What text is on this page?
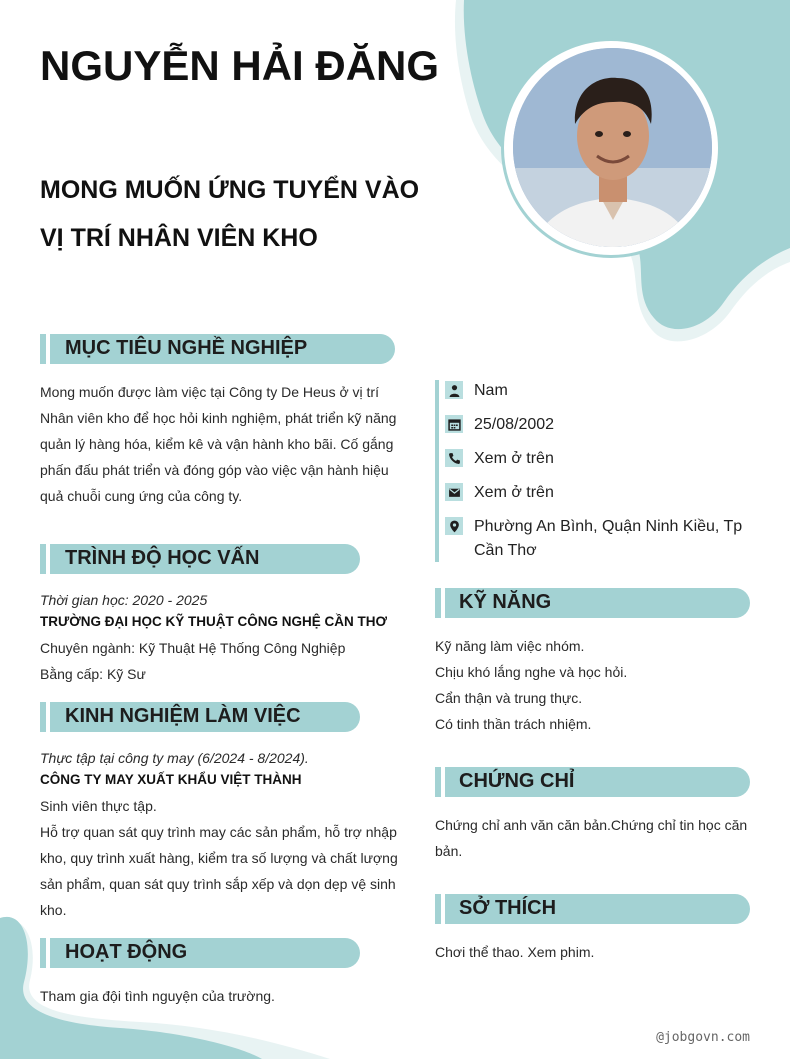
NGUYỄN HẢI ĐĂNG
MONG MUỐN ỨNG TUYỂN VÀO VỊ TRÍ NHÂN VIÊN KHO
MỤC TIÊU NGHỀ NGHIỆP
Mong muốn được làm việc tại Công ty De Heus ở vị trí Nhân viên kho để học hỏi kinh nghiệm, phát triển kỹ năng quản lý hàng hóa, kiểm kê và vận hành kho bãi. Cố gắng phấn đấu phát triển và đóng góp vào việc vận hành hiệu quả chuỗi cung ứng của công ty.
TRÌNH ĐỘ HỌC VẤN
Thời gian học: 2020 - 2025
TRƯỜNG ĐẠI HỌC KỸ THUẬT CÔNG NGHỆ CẦN THƠ
Chuyên ngành: Kỹ Thuật Hệ Thống Công Nghiệp
Bằng cấp: Kỹ Sư
KINH NGHIỆM LÀM VIỆC
Thực tập tại công ty may (6/2024 - 8/2024).
CÔNG TY MAY XUẤT KHẨU VIỆT THÀNH
Sinh viên thực tập.
Hỗ trợ quan sát quy trình may các sản phẩm, hỗ trợ nhập kho, quy trình xuất hàng, kiểm tra số lượng và chất lượng sản phẩm, quan sát quy trình sắp xếp và dọn dẹp vệ sinh kho.
HOẠT ĐỘNG
Tham gia đội tình nguyện của trường.
Nam
25/08/2002
Xem ở trên
Xem ở trên
Phường An Bình, Quận Ninh Kiều, Tp Cần Thơ
KỸ NĂNG
Kỹ năng làm việc nhóm.
Chịu khó lắng nghe và học hỏi.
Cẩn thận và trung thực.
Có tinh thần trách nhiệm.
CHỨNG CHỈ
Chứng chỉ anh văn căn bản.Chứng chỉ tin học căn bản.
SỞ THÍCH
Chơi thể thao. Xem phim.
@jobgovn.com
